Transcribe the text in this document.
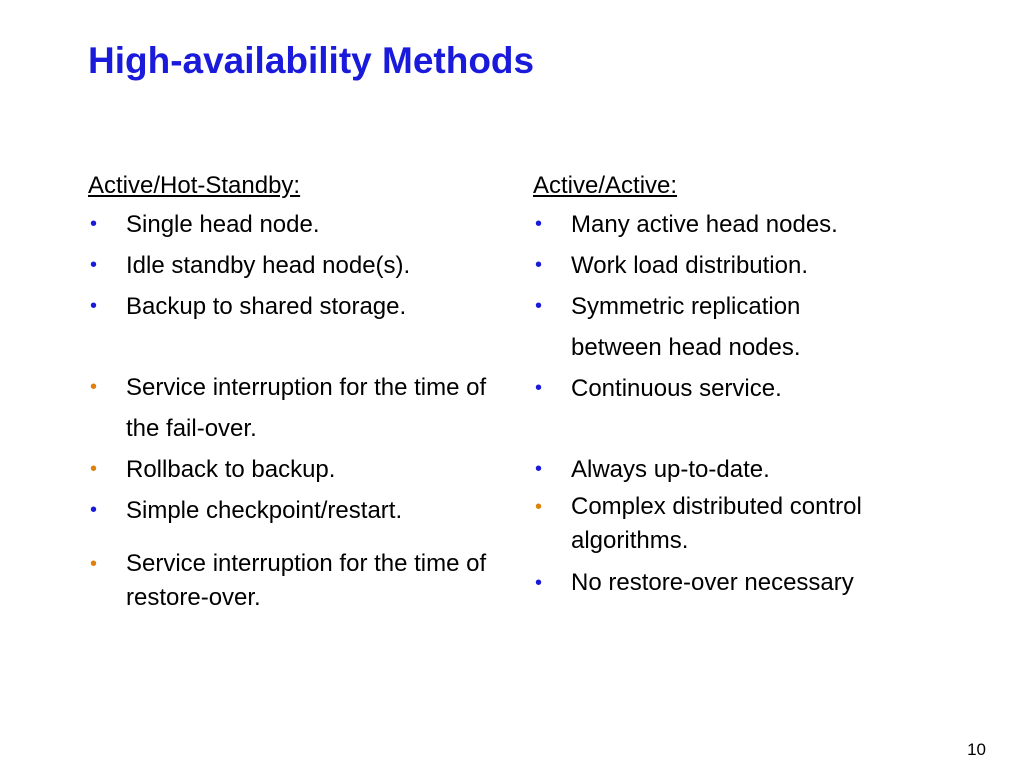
High-availability Methods
Active/Hot-Standby:
• Single head node.
• Idle standby head node(s).
• Backup to shared storage.
• Service interruption for the time of the fail-over.
• Rollback to backup.
• Simple checkpoint/restart.
• Service interruption for the time of restore-over.
Active/Active:
• Many active head nodes.
• Work load distribution.
• Symmetric replication between head nodes.
• Continuous service.
• Always up-to-date.
• Complex distributed control algorithms.
• No restore-over necessary
10
